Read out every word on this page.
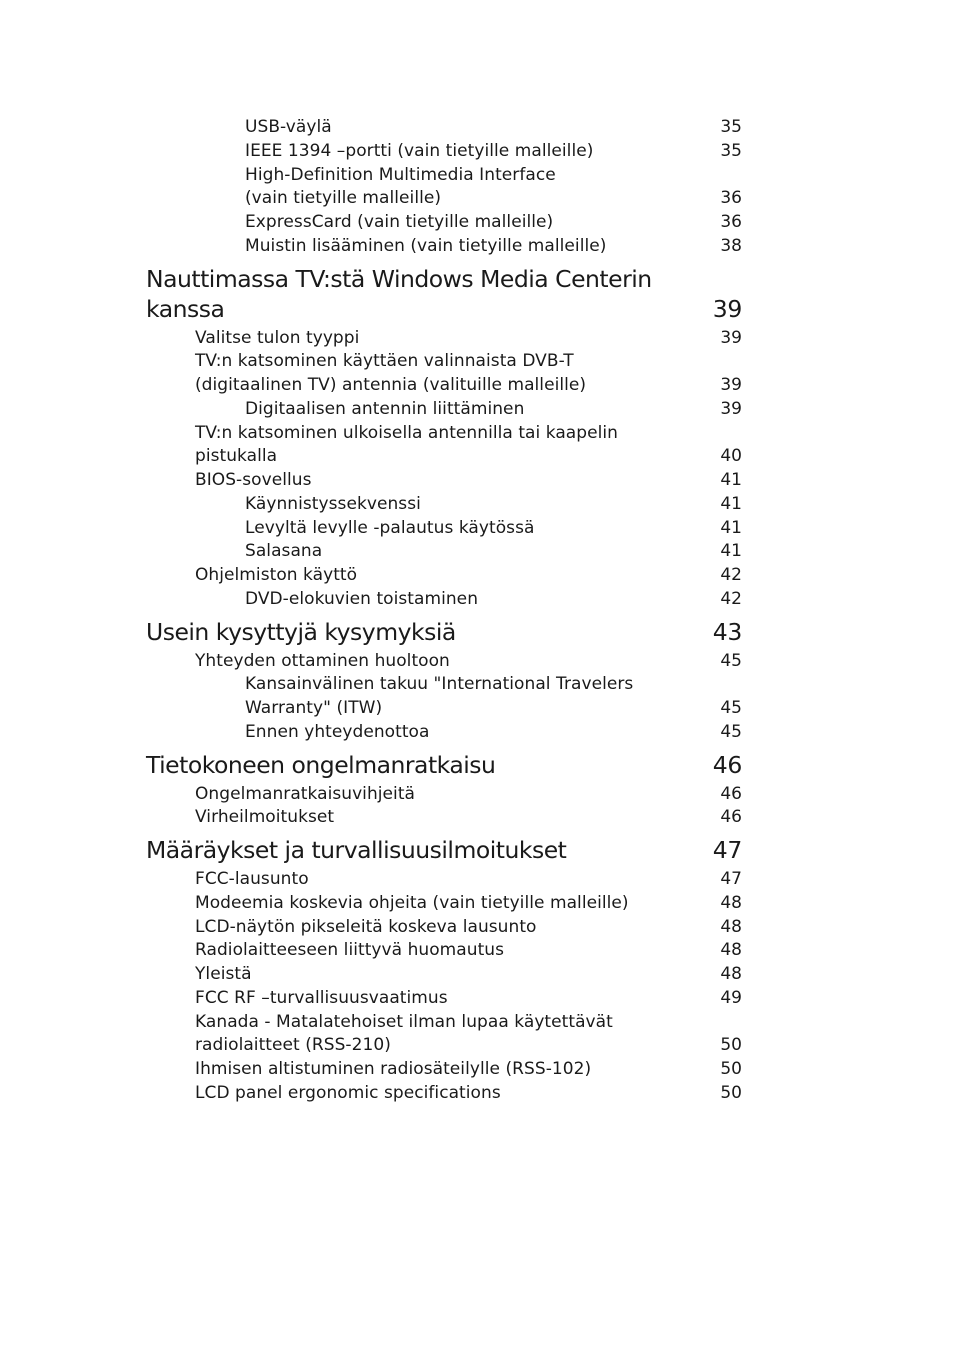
USB-väylä	35
IEEE 1394 –portti (vain tietyille malleille)	35
High-Definition Multimedia Interface
(vain tietyille malleille)	36
ExpressCard (vain tietyille malleille)	36
Muistin lisääminen (vain tietyille malleille)	38
Nauttimassa TV:stä Windows Media Centerin
kanssa	39
Valitse tulon tyyppi	39
TV:n katsominen käyttäen valinnaista DVB-T
(digitaalinen TV) antennia (valituille malleille)	39
Digitaalisen antennin liittäminen	39
TV:n katsominen ulkoisella antennilla tai kaapelin
pistukalla	40
BIOS-sovellus	41
Käynnistyssekvenssi	41
Levyltä levylle -palautus käytössä	41
Salasana	41
Ohjelmiston käyttö	42
DVD-elokuvien toistaminen	42
Usein kysyttyjä kysymyksiä	43
Yhteyden ottaminen huoltoon	45
Kansainvälinen takuu "International Travelers
Warranty" (ITW)	45
Ennen yhteydenottoa	45
Tietokoneen ongelmanratkaisu	46
Ongelmanratkaisuvihjeitä	46
Virheilmoitukset	46
Määräykset ja turvallisuusilmoitukset	47
FCC-lausunto	47
Modeemia koskevia ohjeita (vain tietyille malleille)	48
LCD-näytön pikseleitä koskeva lausunto	48
Radiolaitteeseen liittyvä huomautus	48
Yleistä	48
FCC RF –turvallisuusvaatimus	49
Kanada - Matalatehoiset ilman lupaa käytettävät
radiolaitteet (RSS-210)	50
Ihmisen altistuminen radiosäteilylle (RSS-102)	50
LCD panel ergonomic specifications	50
